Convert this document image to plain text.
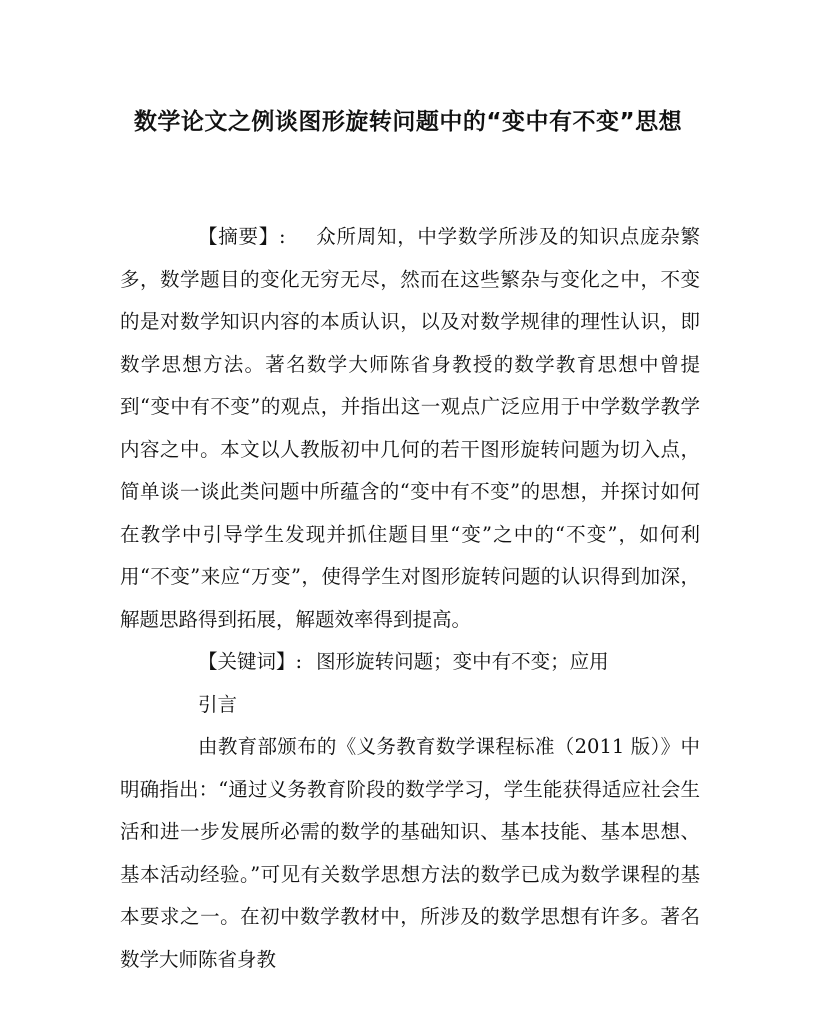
数学论文之例谈图形旋转问题中的“变中有不变”思想

【摘要】: 众所周知，中学数学所涉及的知识点庞杂繁多，数学题目的变化无穷无尽，然而在这些繁杂与变化之中，不变的是对数学知识内容的本质认识，以及对数学规律的理性认识，即数学思想方法。著名数学大师陈省身教授的数学教育思想中曾提到“变中有不变”的观点，并指出这一观点广泛应用于中学数学教学内容之中。本文以人教版初中几何的若干图形旋转问题为切入点，简单谈一谈此类问题中所蕴含的“变中有不变”的思想，并探讨如何在教学中引导学生发现并抓住题目里“变”之中的“不变”，如何利用“不变”来应“万变”，使得学生对图形旋转问题的认识得到加深，解题思路得到拓展，解题效率得到提高。

【关键词】: 图形旋转问题；变中有不变；应用

引言

由教育部颁布的《义务教育数学课程标准（2011 版）》中明确指出：“通过义务教育阶段的数学学习，学生能获得适应社会生活和进一步发展所必需的数学的基础知识、基本技能、基本思想、基本活动经验。”可见有关数学思想方法的数学已成为数学课程的基本要求之一。在初中数学教材中，所涉及的数学思想有许多。著名数学大师陈省身教
